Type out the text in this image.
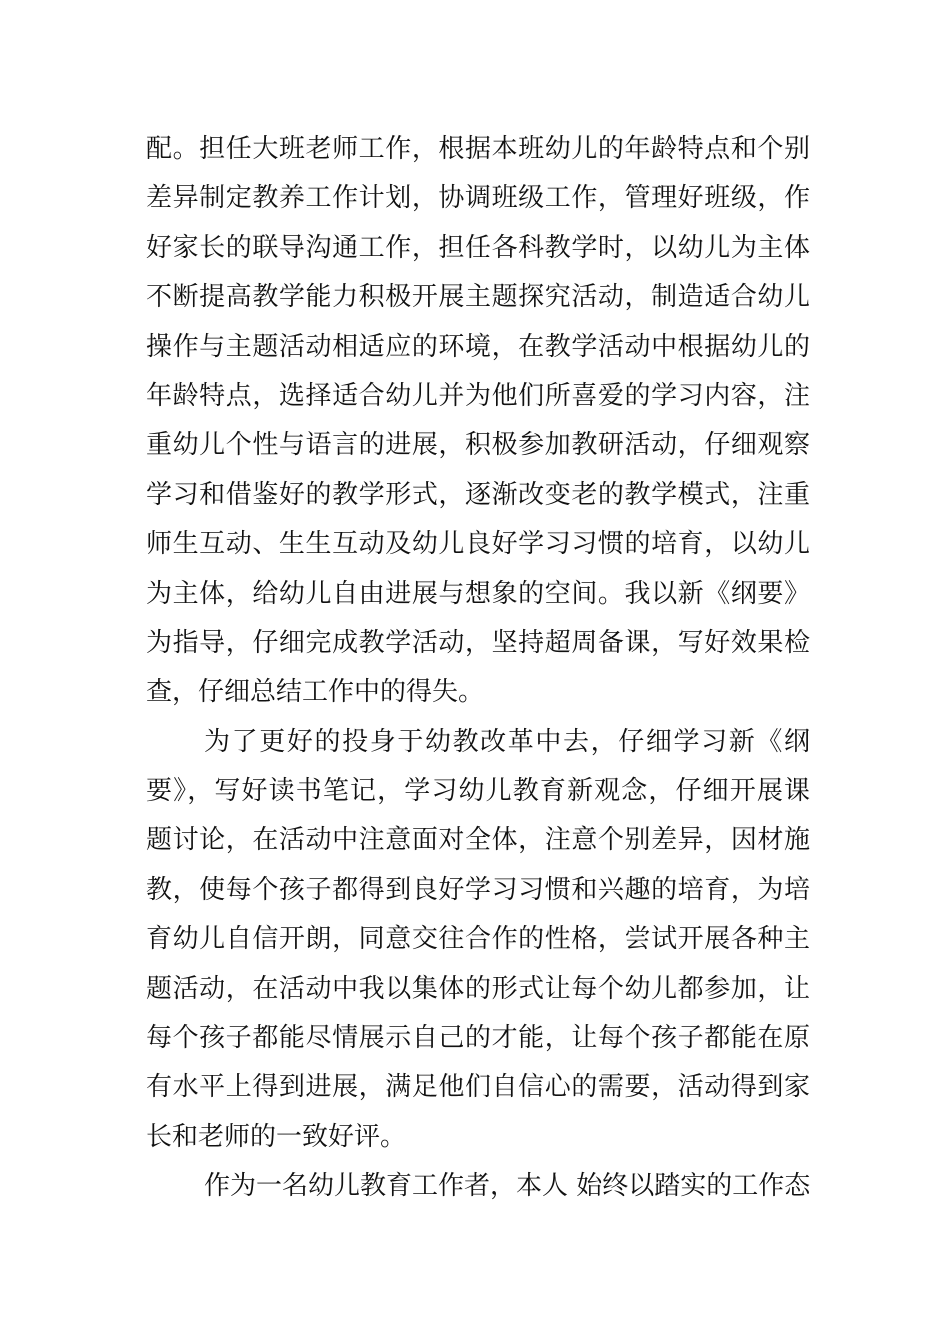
配。担任大班老师工作，根据本班幼儿的年龄特点和个别
差异制定教养工作计划，协调班级工作，管理好班级，作
好家长的联导沟通工作，担任各科教学时，以幼儿为主体
不断提高教学能力积极开展主题探究活动，制造适合幼儿
操作与主题活动相适应的环境，在教学活动中根据幼儿的
年龄特点，选择适合幼儿并为他们所喜爱的学习内容，注
重幼儿个性与语言的进展，积极参加教研活动，仔细观察
学习和借鉴好的教学形式，逐渐改变老的教学模式，注重
师生互动、生生互动及幼儿良好学习习惯的培育，以幼儿
为主体，给幼儿自由进展与想象的空间。我以新《纲要》
为指导，仔细完成教学活动，坚持超周备课，写好效果检
查，仔细总结工作中的得失。
为了更好的投身于幼教改革中去，仔细学习新《纲
要》，写好读书笔记，学习幼儿教育新观念，仔细开展课
题讨论，在活动中注意面对全体，注意个别差异，因材施
教，使每个孩子都得到良好学习习惯和兴趣的培育，为培
育幼儿自信开朗，同意交往合作的性格，尝试开展各种主
题活动，在活动中我以集体的形式让每个幼儿都参加，让
每个孩子都能尽情展示自己的才能，让每个孩子都能在原
有水平上得到进展，满足他们自信心的需要，活动得到家
长和老师的一致好评。
作为一名幼儿教育工作者，本人 始终以踏实的工作态
